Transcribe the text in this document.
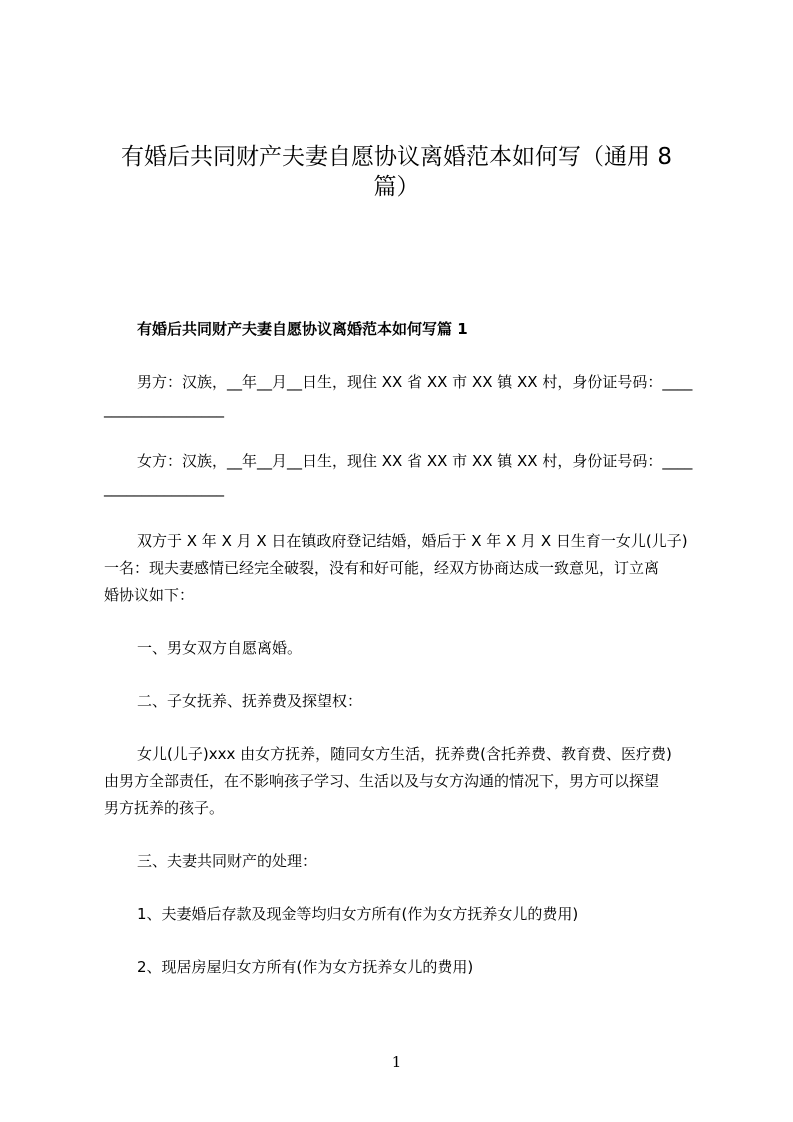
有婚后共同财产夫妻自愿协议离婚范本如何写（通用 8
篇）
有婚后共同财产夫妻自愿协议离婚范本如何写篇 1
男方：汉族，__年__月__日生，现住 XX 省 XX 市 XX 镇 XX 村，身份证号码：____
________________
女方：汉族，__年__月__日生，现住 XX 省 XX 市 XX 镇 XX 村，身份证号码：____
________________
双方于 X 年 X 月 X 日在镇政府登记结婚，婚后于 X 年 X 月 X 日生育一女儿(儿子)
一名：现夫妻感情已经完全破裂，没有和好可能，经双方协商达成一致意见，订立离
婚协议如下：
一、男女双方自愿离婚。
二、子女抚养、抚养费及探望权：
女儿(儿子)xxx 由女方抚养，随同女方生活，抚养费(含托养费、教育费、医疗费)
由男方全部责任，在不影响孩子学习、生活以及与女方沟通的情况下，男方可以探望
男方抚养的孩子。
三、夫妻共同财产的处理：
1、夫妻婚后存款及现金等均归女方所有(作为女方抚养女儿的费用)
2、现居房屋归女方所有(作为女方抚养女儿的费用)
1
